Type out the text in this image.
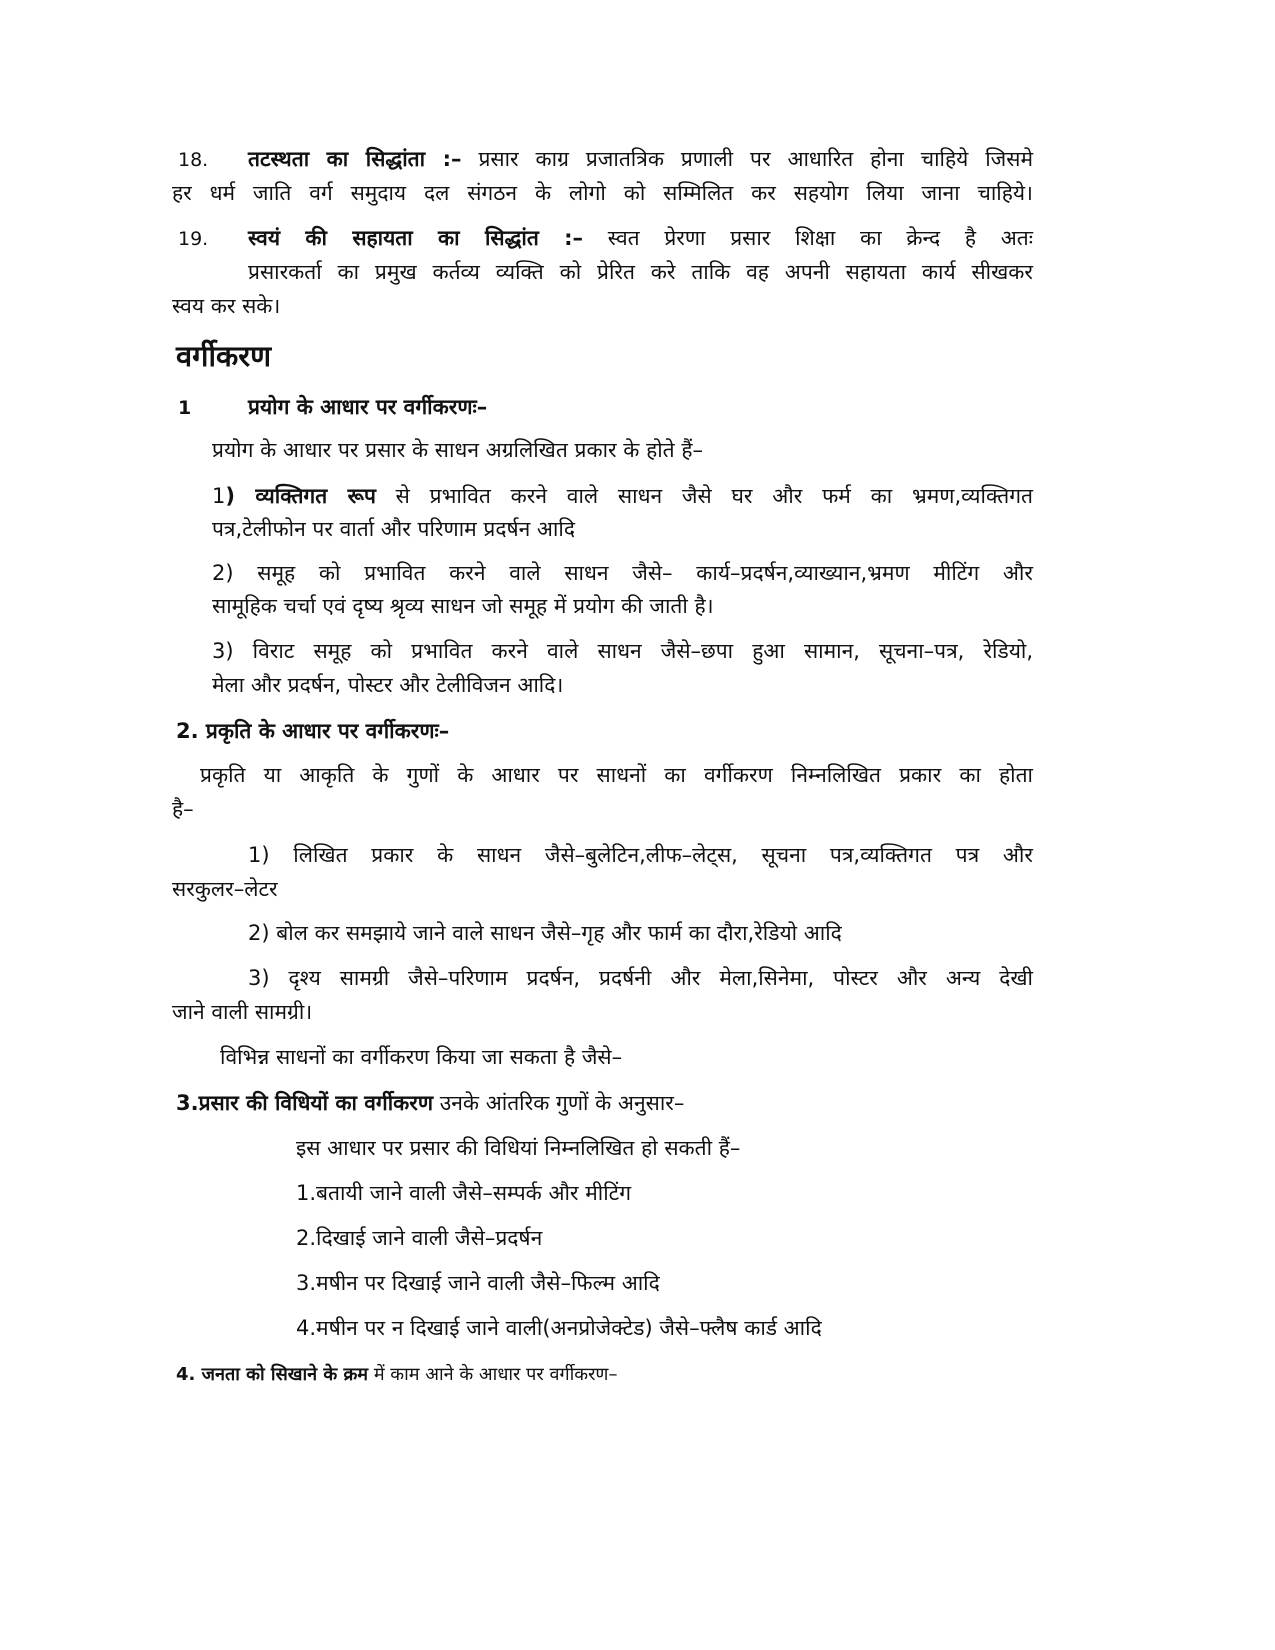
18. तटस्थता का सिद्धांता :– प्रसार काग्र प्रजातत्रिक प्रणाली पर आधारित होना चाहिये जिसमे
हर धर्म जाति वर्ग समुदाय दल संगठन के लोगो को सम्मिलित कर सहयोग लिया जाना चाहिये।
19. स्वयं की सहायता का सिद्धांत :– स्वत प्रेरणा प्रसार शिक्षा का क्रेन्द है अतः
प्रसारकर्ता का प्रमुख कर्तव्य व्यक्ति को प्रेरित करे ताकि वह अपनी सहायता कार्य सीखकर
स्वय कर सके।
वर्गीकरण
1	प्रयोग के आधार पर वर्गीकरणः–
प्रयोग के आधार पर प्रसार के साधन अग्रलिखित प्रकार के होते हैं–
1) व्यक्तिगत रूप से प्रभावित करने वाले साधन जैसे घर और फर्म का भ्रमण,व्यक्तिगत
पत्र,टेलीफोन पर वार्ता और परिणाम प्रदर्षन आदि
2) समूह को प्रभावित करने वाले साधन जैसे– कार्य–प्रदर्षन,व्याख्यान,भ्रमण मीटिंग और
सामूहिक चर्चा एवं दृष्य श्रृव्य साधन जो समूह में प्रयोग की जाती है।
3) विराट समूह को प्रभावित करने वाले साधन जैसे–छपा हुआ सामान, सूचना–पत्र, रेडियो,
मेला और प्रदर्षन, पोस्टर और टेलीविजन आदि।
2. प्रकृति के आधार पर वर्गीकरणः–
प्रकृति या आकृति के गुणों के आधार पर साधनों का वर्गीकरण निम्नलिखित प्रकार का होता
है–
1) लिखित प्रकार के साधन जैसे–बुलेटिन,लीफ–लेट्स, सूचना पत्र,व्यक्तिगत पत्र और
सरकुलर–लेटर
2) बोल कर समझाये जाने वाले साधन जैसे–गृह और फार्म का दौरा,रेडियो आदि
3) दृश्य सामग्री जैसे–परिणाम प्रदर्षन, प्रदर्षनी और मेला,सिनेमा, पोस्टर और अन्य देखी
जाने वाली सामग्री।
विभिन्न साधनों का वर्गीकरण किया जा सकता है जैसे–
3.प्रसार की विधियों का वर्गीकरण उनके आंतरिक गुणों के अनुसार–
इस आधार पर प्रसार की विधियां निम्नलिखित हो सकती हैं–
1.बतायी जाने वाली जैसे–सम्पर्क और मीटिंग
2.दिखाई जाने वाली जैसे–प्रदर्षन
3.मषीन पर दिखाई जाने वाली जैसे–फिल्म आदि
4.मषीन पर न दिखाई जाने वाली(अनप्रोजेक्टेड) जैसे–फ्लैष कार्ड आदि
4. जनता को सिखाने के क्रम में काम आने के आधार पर वर्गीकरण–
